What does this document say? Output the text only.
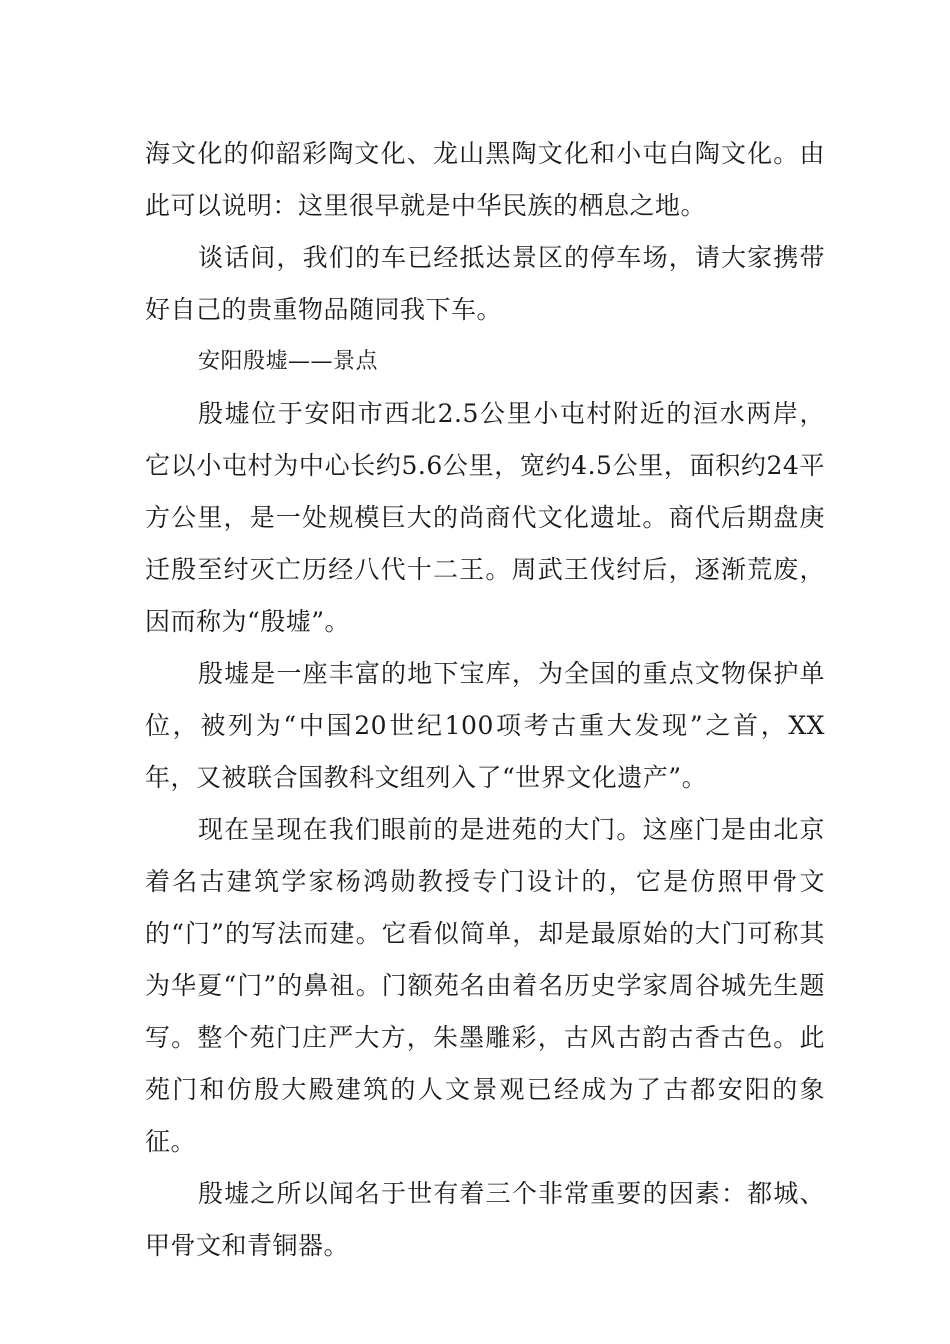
海文化的仰韶彩陶文化、龙山黑陶文化和小屯白陶文化。由此可以说明：这里很早就是中华民族的栖息之地。

谈话间，我们的车已经抵达景区的停车场，请大家携带好自己的贵重物品随同我下车。

安阳殷墟——景点

殷墟位于安阳市西北2.5公里小屯村附近的洹水两岸，它以小屯村为中心长约5.6公里，宽约4.5公里，面积约24平方公里，是一处规模巨大的尚商代文化遗址。商代后期盘庚迁殷至纣灭亡历经八代十二王。周武王伐纣后，逐渐荒废，因而称为“殷墟”。

殷墟是一座丰富的地下宝库，为全国的重点文物保护单位，被列为“中国20世纪100项考古重大发现”之首，XX年，又被联合国教科文组列入了“世界文化遗产”。

现在呈现在我们眼前的是进苑的大门。这座门是由北京着名古建筑学家杨鸿勋教授专门设计的，它是仿照甲骨文的“门”的写法而建。它看似简单，却是最原始的大门可称其为华夏“门”的鼻祖。门额苑名由着名历史学家周谷城先生题写。整个苑门庄严大方，朱墨雕彩，古风古韵古香古色。此苑门和仿殷大殿建筑的人文景观已经成为了古都安阳的象征。

殷墟之所以闻名于世有着三个非常重要的因素：都城、甲骨文和青铜器。
